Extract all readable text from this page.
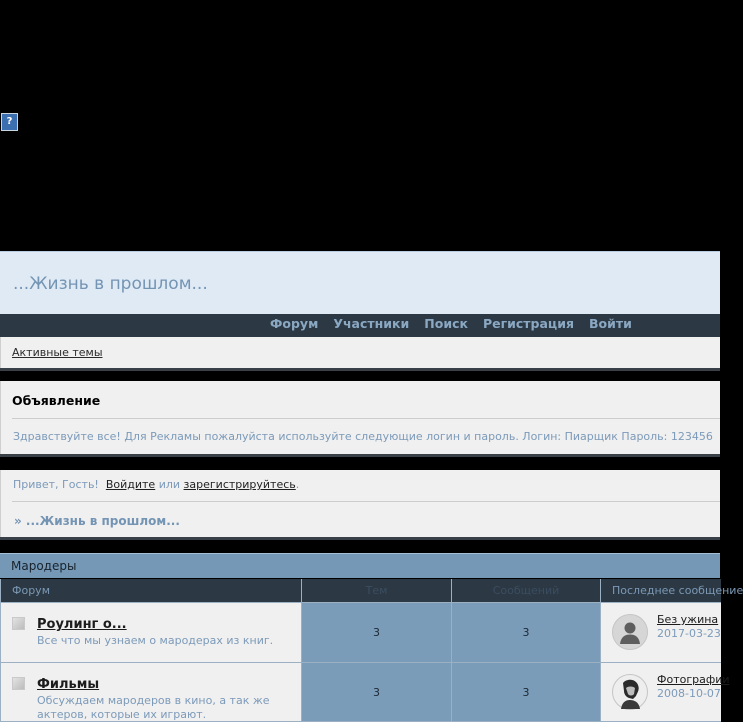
?
...Жизнь в прошлом...
Форум Участники Поиск Регистрация Войти
Активные темы
Объявление
Здравствуйте все! Для Рекламы пожалуйста используйте следующие логин и пароль. Логин: Пиарщик Пароль: 123456
Привет, Гость! Войдите или зарегистрируйтесь.
» ...Жизнь в прошлом...
Мародеры
Форум	Тем	Сообщений	Последнее сообщение

Роулинг о...
Все что мы узнаем о мародерах из книг.	3	3	Без ужина
2017-03-23

Фильмы
Обсуждаем мародеров в кино, а так же актеров, которые их играют.	3	3	Фотографии
2008-10-07
